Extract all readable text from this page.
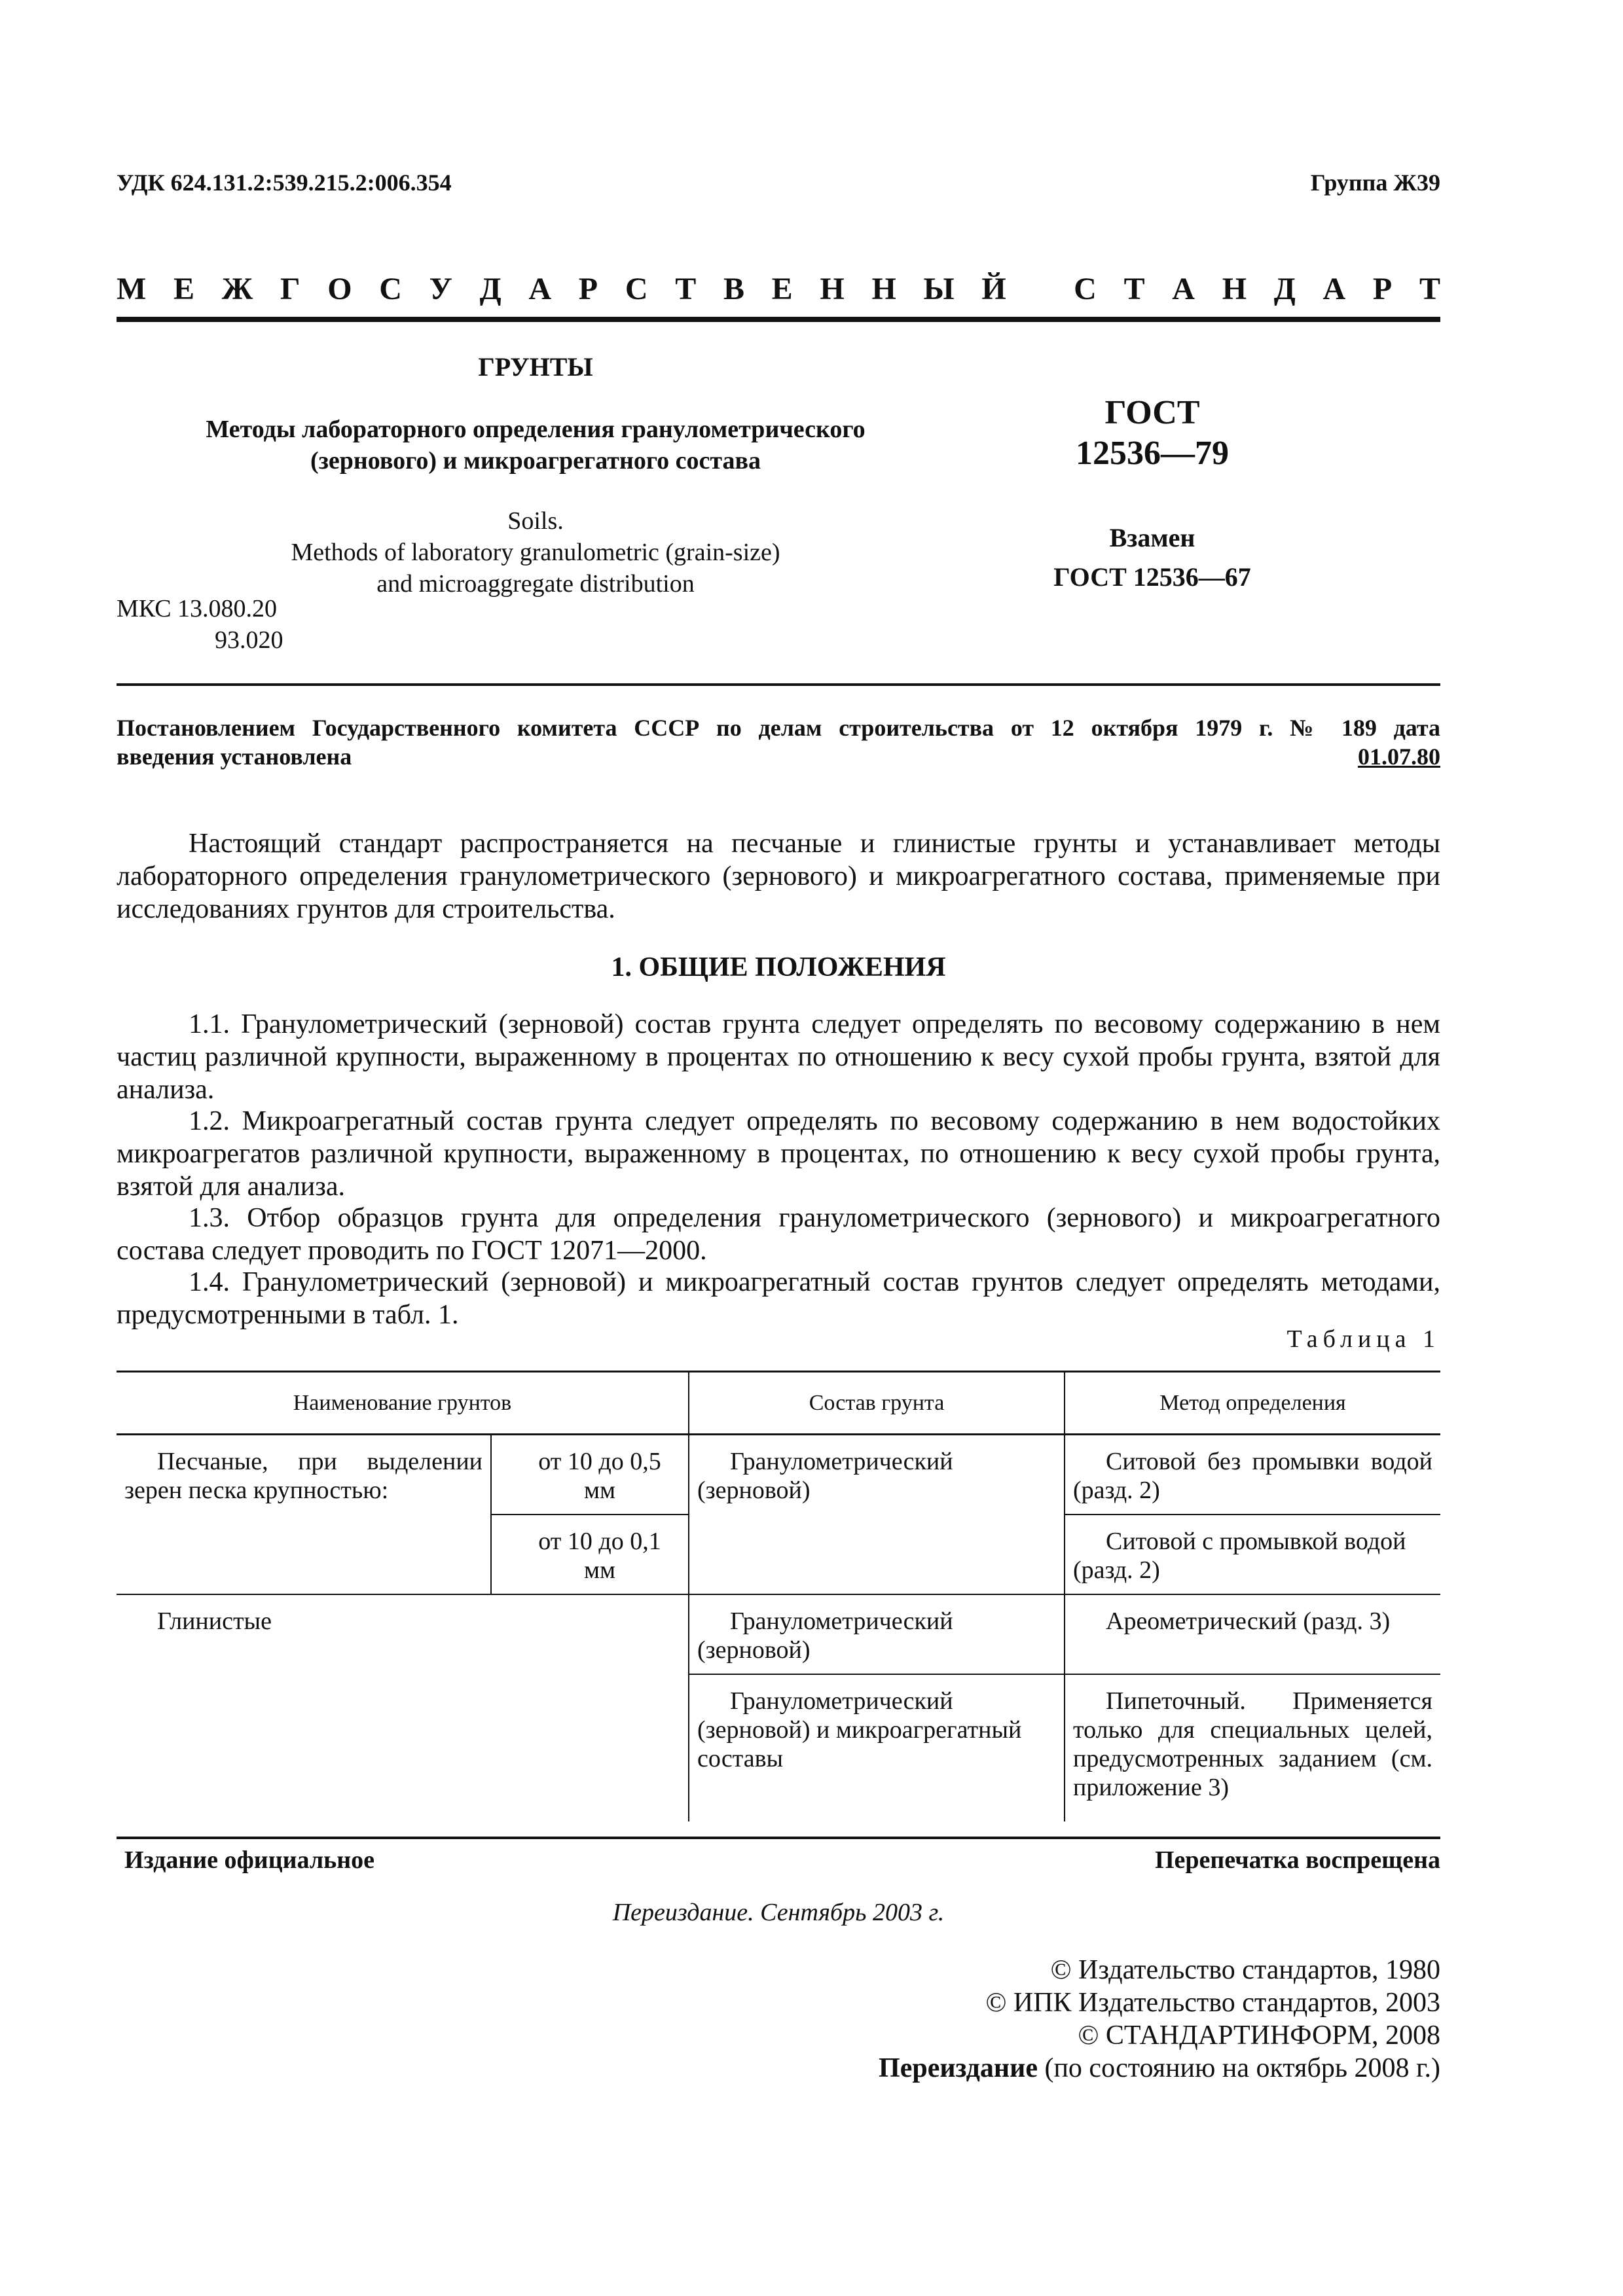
УДК 624.131.2:539.215.2:006.354	Группа Ж39
М Е Ж Г О С У Д А Р С Т В Е Н Н Ы Й С Т А Н Д А Р Т
ГРУНТЫ
Методы лабораторного определения гранулометрического
(зернового) и микроагрегатного состава
Soils.
Methods of laboratory granulometric (grain-size)
and microaggregate distribution
МКС 13.080.20
93.020
ГОСТ
12536—79
Взамен
ГОСТ 12536—67
Постановлением Государственного комитета СССР по делам строительства от 12 октября 1979 г. № 189 дата
введения установлена	01.07.80
Настоящий стандарт распространяется на песчаные и глинистые грунты и устанавливает методы лабораторного определения гранулометрического (зернового) и микроагрегатного состава, применяемые при исследованиях грунтов для строительства.
1. ОБЩИЕ ПОЛОЖЕНИЯ
1.1. Гранулометрический (зерновой) состав грунта следует определять по весовому содержанию в нем частиц различной крупности, выраженному в процентах по отношению к весу сухой пробы грунта, взятой для анализа.
1.2. Микроагрегатный состав грунта следует определять по весовому содержанию в нем водостойких микроагрегатов различной крупности, выраженному в процентах, по отношению к весу сухой пробы грунта, взятой для анализа.
1.3. Отбор образцов грунта для определения гранулометрического (зернового) и микроагрегатного состава следует проводить по ГОСТ 12071—2000.
1.4. Гранулометрический (зерновой) и микроагрегатный состав грунтов следует определять методами, предусмотренными в табл. 1.
Таблица 1
Наименование грунтов		Состав грунта	Метод определения
Песчаные, при выделении зерен песка крупностью:	от 10 до 0,5 мм	Гранулометрический (зерновой)	Ситовой без промывки водой (разд. 2)
	от 10 до 0,1 мм		Ситовой с промывкой водой (разд. 2)
Глинистые		Гранулометрический (зерновой)	Ареометрический (разд. 3)
		Гранулометрический (зерновой) и микроагрегатный составы	Пипеточный. Применяется только для специальных целей, предусмотренных заданием (см. приложение 3)
Издание официальное	Перепечатка воспрещена
Переиздание. Сентябрь 2003 г.
© Издательство стандартов, 1980
© ИПК Издательство стандартов, 2003
© СТАНДАРТИНФОРМ, 2008
Переиздание (по состоянию на октябрь 2008 г.)
